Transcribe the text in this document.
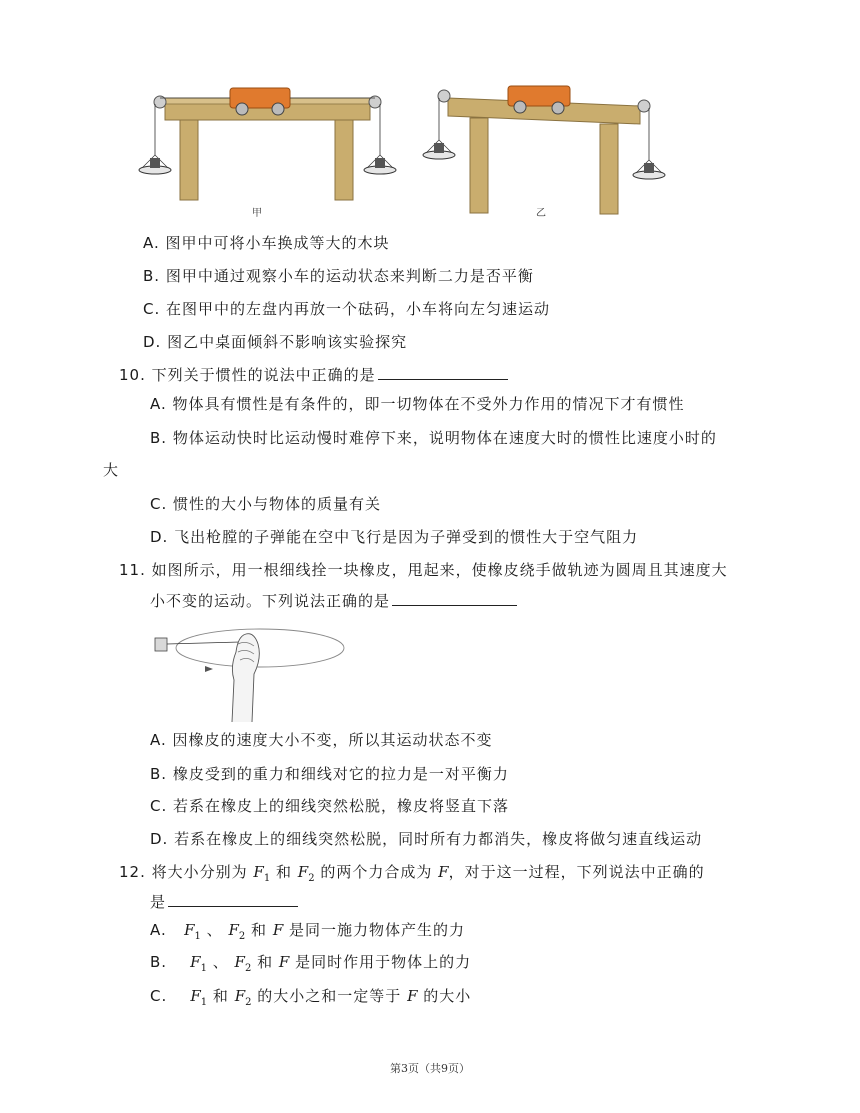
甲	乙
A. 图甲中可将小车换成等大的木块
B. 图甲中通过观察小车的运动状态来判断二力是否平衡
C. 在图甲中的左盘内再放一个砝码，小车将向左匀速运动
D. 图乙中桌面倾斜不影响该实验探究
10. 下列关于惯性的说法中正确的是
A. 物体具有惯性是有条件的，即一切物体在不受外力作用的情况下才有惯性
B. 物体运动快时比运动慢时难停下来，说明物体在速度大时的惯性比速度小时的
大
C. 惯性的大小与物体的质量有关
D. 飞出枪膛的子弹能在空中飞行是因为子弹受到的惯性大于空气阻力
11. 如图所示，用一根细线拴一块橡皮，甩起来，使橡皮绕手做轨迹为圆周且其速度大
小不变的运动。下列说法正确的是
A. 因橡皮的速度大小不变，所以其运动状态不变
B. 橡皮受到的重力和细线对它的拉力是一对平衡力
C. 若系在橡皮上的细线突然松脱，橡皮将竖直下落
D. 若系在橡皮上的细线突然松脱，同时所有力都消失，橡皮将做匀速直线运动
12. 将大小分别为 $F_1$ 和 $F_2$ 的两个力合成为 F，对于这一过程，下列说法中正确的
是
A. $F_1$ 、 $F_2$ 和 F 是同一施力物体产生的力
B. $F_1$ 、 $F_2$ 和 F 是同时作用于物体上的力
C. $F_1$ 和 $F_2$ 的大小之和一定等于 F 的大小
第3页（共9页）
